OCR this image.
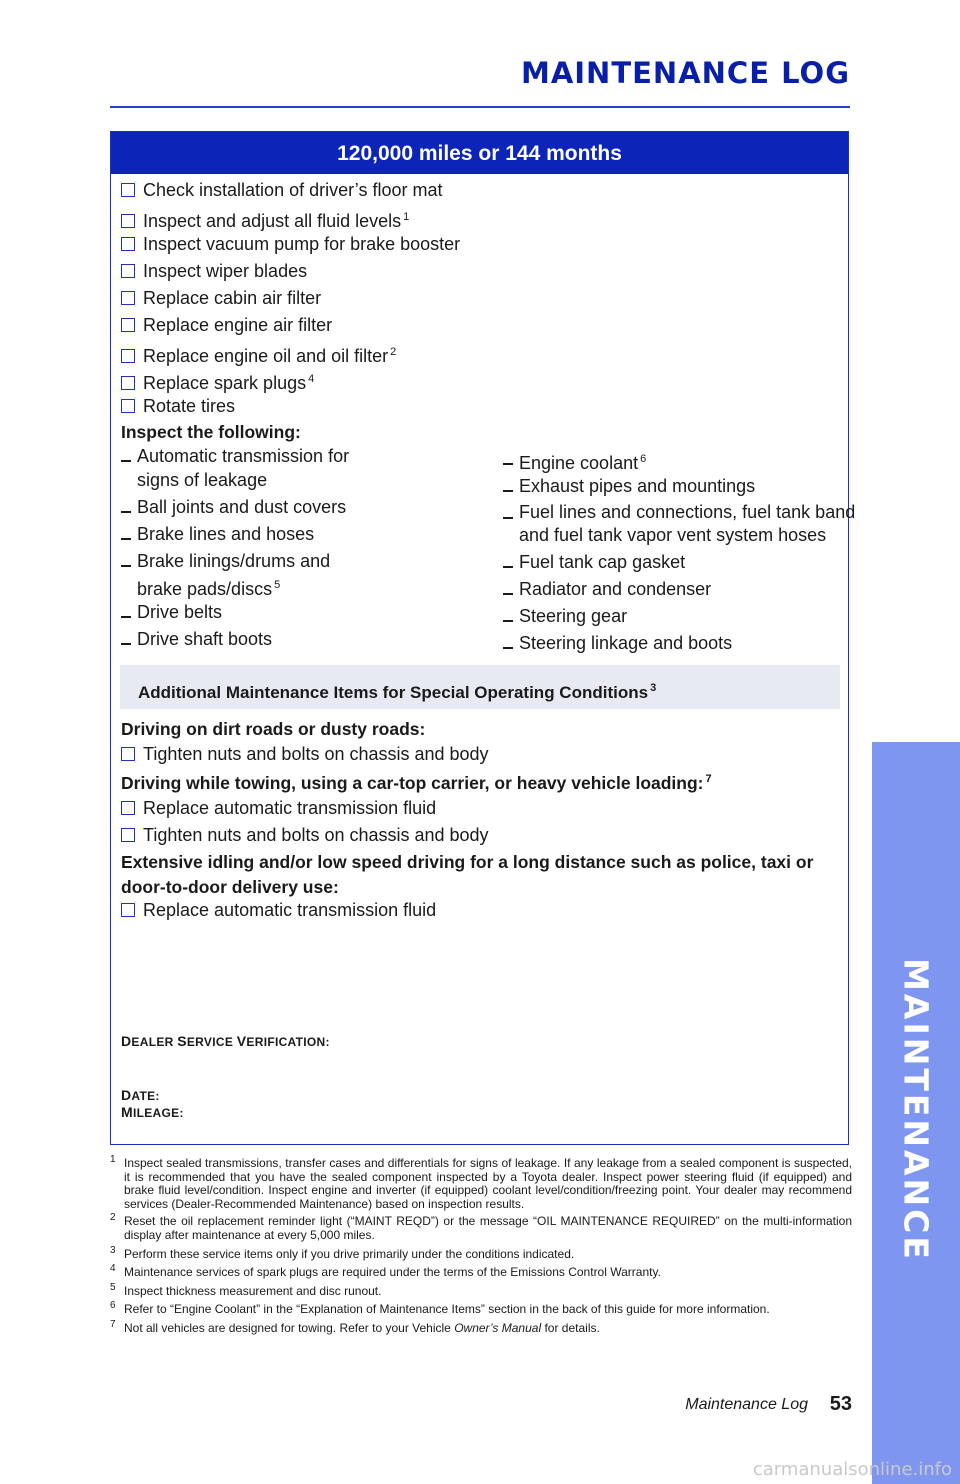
MAINTENANCE LOG
120,000 miles or 144 months
Check installation of driver’s floor mat
Inspect and adjust all fluid levels $^1$
Inspect vacuum pump for brake booster
Inspect wiper blades
Replace cabin air filter
Replace engine air filter
Replace engine oil and oil filter $^2$
Replace spark plugs $^4$
Rotate tires
Inspect the following:
Automatic transmission for
signs of leakage
Ball joints and dust covers
Brake lines and hoses
Brake linings/drums and
brake pads/discs $^5$
Drive belts
Drive shaft boots
Engine coolant $^6$
Exhaust pipes and mountings
Fuel lines and connections, fuel tank band
and fuel tank vapor vent system hoses
Fuel tank cap gasket
Radiator and condenser
Steering gear
Steering linkage and boots
Additional Maintenance Items for Special Operating Conditions $^3$
Driving on dirt roads or dusty roads:
Tighten nuts and bolts on chassis and body
Driving while towing, using a car-top carrier, or heavy vehicle loading: $^7$
Replace automatic transmission fluid
Tighten nuts and bolts on chassis and body
Extensive idling and/or low speed driving for a long distance such as police, taxi or
door-to-door delivery use:
Replace automatic transmission fluid
DEALER SERVICE VERIFICATION:
DATE:
MILEAGE:
1 Inspect sealed transmissions, transfer cases and differentials for signs of leakage. If any leakage from a sealed component is suspected, it is recommended that you have the sealed component inspected by a Toyota dealer. Inspect power steering fluid (if equipped) and brake fluid level/condition. Inspect engine and inverter (if equipped) coolant level/condition/freezing point. Your dealer may recommend services (Dealer-Recommended Maintenance) based on inspection results.
2 Reset the oil replacement reminder light (“MAINT REQD”) or the message “OIL MAINTENANCE REQUIRED” on the multi-information display after maintenance at every 5,000 miles.
3 Perform these service items only if you drive primarily under the conditions indicated.
4 Maintenance services of spark plugs are required under the terms of the Emissions Control Warranty.
5 Inspect thickness measurement and disc runout.
6 Refer to “Engine Coolant” in the “Explanation of Maintenance Items” section in the back of this guide for more information.
7 Not all vehicles are designed for towing. Refer to your Vehicle Owner’s Manual for details.
Maintenance Log 53
MAINTENANCE
carmanualsonline.info
